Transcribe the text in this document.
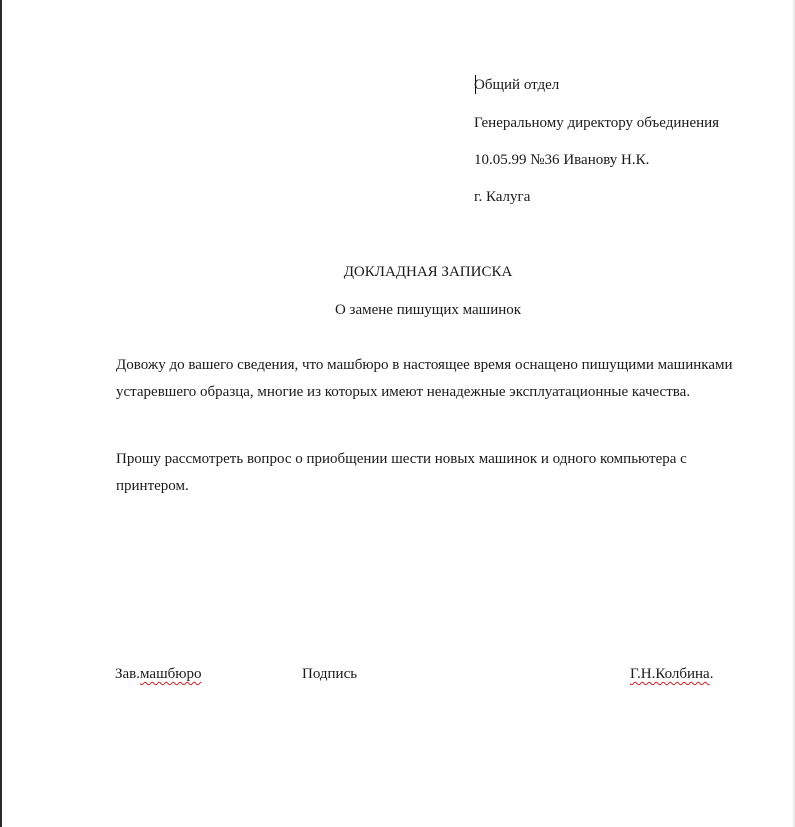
Общий отдел
Генеральному директору объединения
10.05.99 №36 Иванову Н.К.
г. Калуга
ДОКЛАДНАЯ ЗАПИСКА
О замене пишущих машинок
Довожу до вашего сведения, что машбюро в настоящее время оснащено пишущими машинками устаревшего образца, многие из которых имеют ненадежные эксплуатационные качества.
Прошу рассмотреть вопрос о приобщении шести новых машинок и одного компьютера с принтером.
Зав.машбюро	Подпись	Г.Н.Колбина.
